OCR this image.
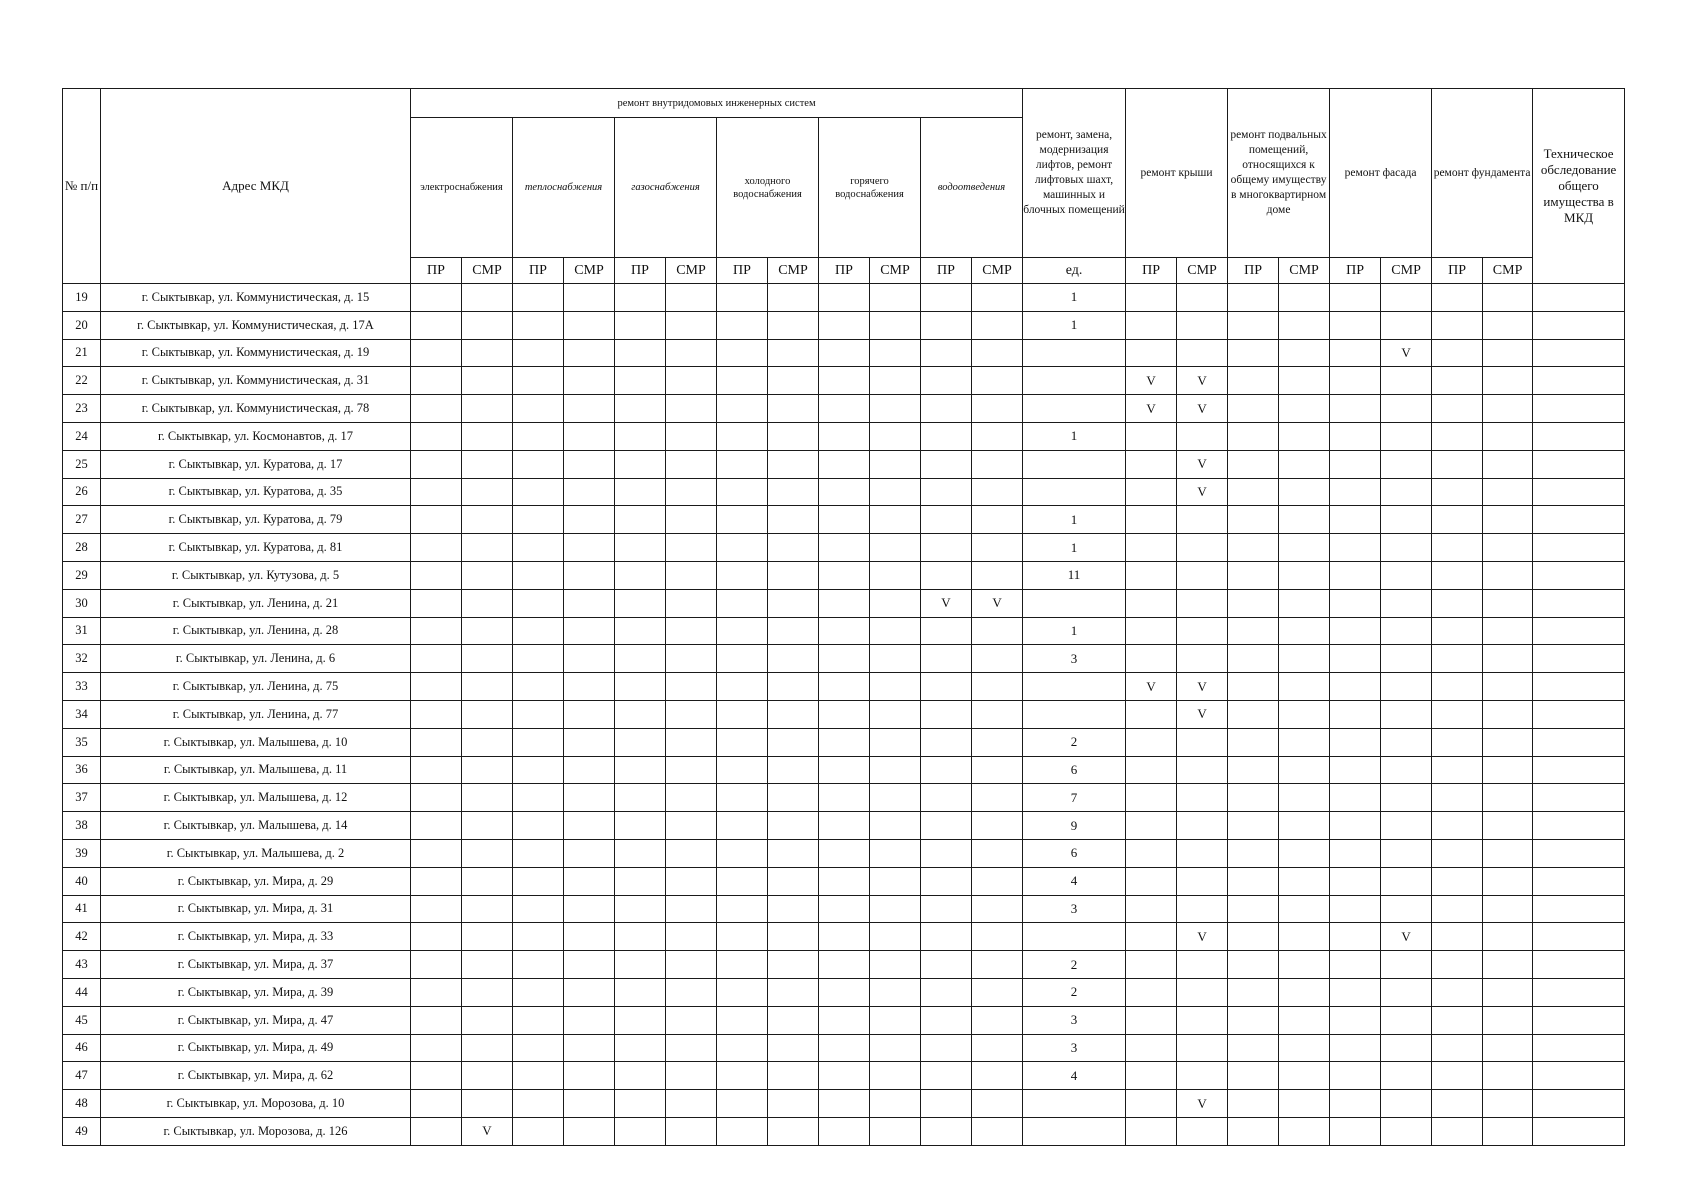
№ п/п	Адрес МКД	ремонт внутридомовых инженерных систем												ремонт, замена, модернизация лифтов, ремонт лифтовых шахт, машинных и блочных помещений	ремонт крыши		ремонт подвальных помещений, относящихся к общему имуществу в многоквартирном доме		ремонт фасада		ремонт фундамента		Техническое обследование общего имущества в МКД
		электроснабжения		теплоснабжения		газоснабжения		холодного водоснабжения		горячего водоснабжения		водоотведения											
		ПР	СМР	ПР	СМР	ПР	СМР	ПР	СМР	ПР	СМР	ПР	СМР	ед.	ПР	СМР	ПР	СМР	ПР	СМР	ПР	СМР	
19	г. Сыктывкар, ул. Коммунистическая, д. 15													1									
20	г. Сыктывкар, ул. Коммунистическая, д. 17А													1									
21	г. Сыктывкар, ул. Коммунистическая, д. 19																			V			
22	г. Сыктывкар, ул. Коммунистическая, д. 31														V	V							
23	г. Сыктывкар, ул. Коммунистическая, д. 78														V	V							
24	г. Сыктывкар, ул. Космонавтов, д. 17													1									
25	г. Сыктывкар, ул. Куратова, д. 17															V							
26	г. Сыктывкар, ул. Куратова, д. 35															V							
27	г. Сыктывкар, ул. Куратова, д. 79													1									
28	г. Сыктывкар, ул. Куратова, д. 81													1									
29	г. Сыктывкар, ул. Кутузова, д. 5													11									
30	г. Сыктывкар, ул. Ленина, д. 21											V	V										
31	г. Сыктывкар, ул. Ленина, д. 28													1									
32	г. Сыктывкар, ул. Ленина, д. 6													3									
33	г. Сыктывкар, ул. Ленина, д. 75														V	V							
34	г. Сыктывкар, ул. Ленина, д. 77															V							
35	г. Сыктывкар, ул. Малышева, д. 10													2									
36	г. Сыктывкар, ул. Малышева, д. 11													6									
37	г. Сыктывкар, ул. Малышева, д. 12													7									
38	г. Сыктывкар, ул. Малышева, д. 14													9									
39	г. Сыктывкар, ул. Малышева, д. 2													6									
40	г. Сыктывкар, ул. Мира, д. 29													4									
41	г. Сыктывкар, ул. Мира, д. 31													3									
42	г. Сыктывкар, ул. Мира, д. 33															V				V			
43	г. Сыктывкар, ул. Мира, д. 37													2									
44	г. Сыктывкар, ул. Мира, д. 39													2									
45	г. Сыктывкар, ул. Мира, д. 47													3									
46	г. Сыктывкар, ул. Мира, д. 49													3									
47	г. Сыктывкар, ул. Мира, д. 62													4									
48	г. Сыктывкар, ул. Морозова, д. 10															V							
49	г. Сыктывкар, ул. Морозова, д. 126		V																				
